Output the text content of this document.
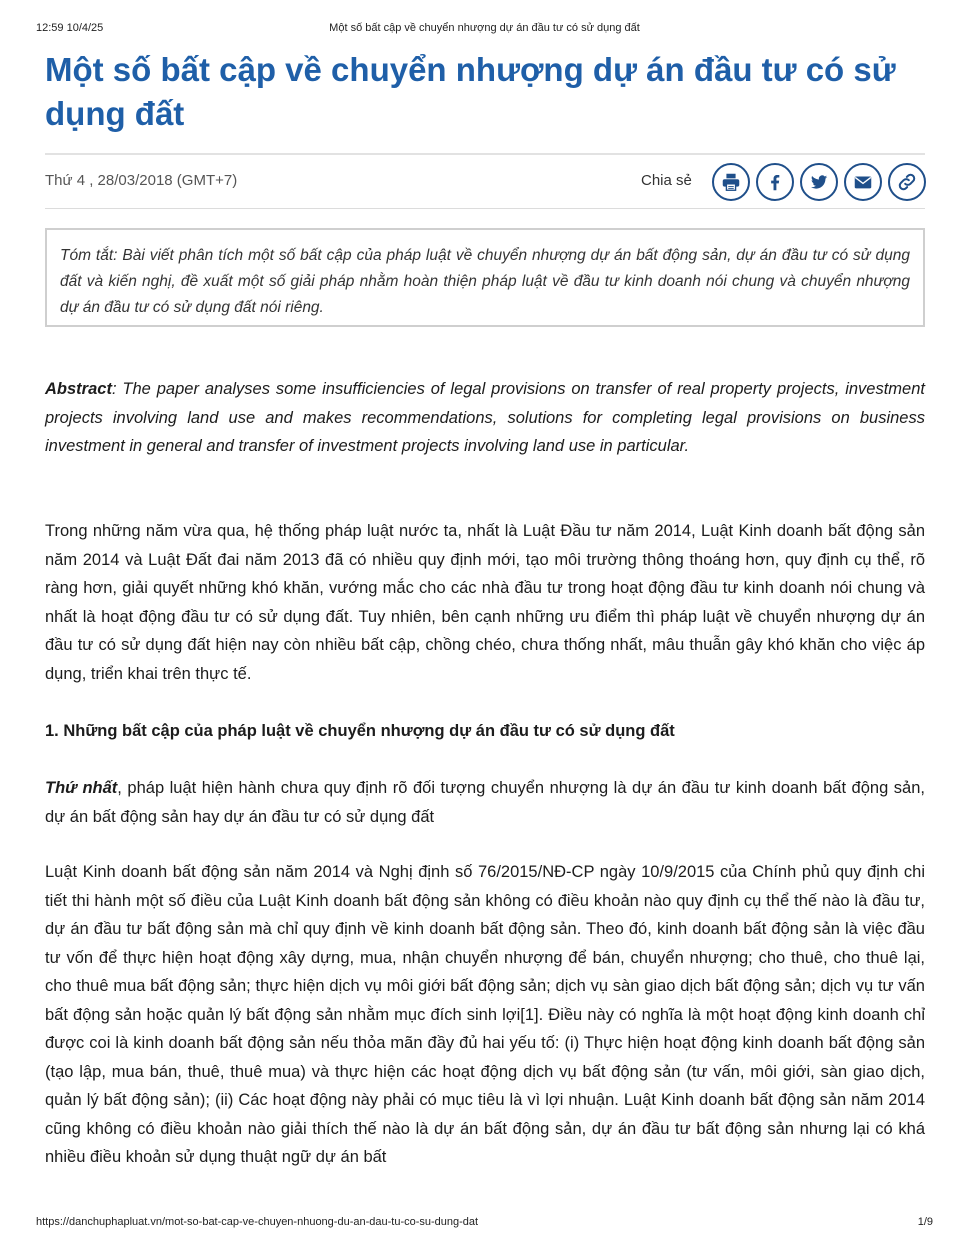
12:59 10/4/25	Một số bất cập về chuyển nhượng dự án đầu tư có sử dụng đất
Một số bất cập về chuyển nhượng dự án đầu tư có sử dụng đất
Thứ 4 , 28/03/2018 (GMT+7)	Chia sẻ
Tóm tắt: Bài viết phân tích một số bất cập của pháp luật về chuyển nhượng dự án bất động sản, dự án đầu tư có sử dụng đất và kiến nghị, đề xuất một số giải pháp nhằm hoàn thiện pháp luật về đầu tư kinh doanh nói chung và chuyển nhượng dự án đầu tư có sử dụng đất nói riêng.

Abstract: The paper analyses some insufficiencies of legal provisions on transfer of real property projects, investment projects involving land use and makes recommendations, solutions for completing legal provisions on business investment in general and transfer of investment projects involving land use in particular.

Trong những năm vừa qua, hệ thống pháp luật nước ta, nhất là Luật Đầu tư năm 2014, Luật Kinh doanh bất động sản năm 2014 và Luật Đất đai năm 2013 đã có nhiều quy định mới, tạo môi trường thông thoáng hơn, quy định cụ thể, rõ ràng hơn, giải quyết những khó khăn, vướng mắc cho các nhà đầu tư trong hoạt động đầu tư kinh doanh nói chung và nhất là hoạt động đầu tư có sử dụng đất. Tuy nhiên, bên cạnh những ưu điểm thì pháp luật về chuyển nhượng dự án đầu tư có sử dụng đất hiện nay còn nhiều bất cập, chồng chéo, chưa thống nhất, mâu thuẫn gây khó khăn cho việc áp dụng, triển khai trên thực tế.

1. Những bất cập của pháp luật về chuyển nhượng dự án đầu tư có sử dụng đất

Thứ nhất, pháp luật hiện hành chưa quy định rõ đối tượng chuyển nhượng là dự án đầu tư kinh doanh bất động sản, dự án bất động sản hay dự án đầu tư có sử dụng đất

Luật Kinh doanh bất động sản năm 2014 và Nghị định số 76/2015/NĐ-CP ngày 10/9/2015 của Chính phủ quy định chi tiết thi hành một số điều của Luật Kinh doanh bất động sản không có điều khoản nào quy định cụ thể thế nào là đầu tư, dự án đầu tư bất động sản mà chỉ quy định về kinh doanh bất động sản. Theo đó, kinh doanh bất động sản là việc đầu tư vốn để thực hiện hoạt động xây dựng, mua, nhận chuyển nhượng để bán, chuyển nhượng; cho thuê, cho thuê lại, cho thuê mua bất động sản; thực hiện dịch vụ môi giới bất động sản; dịch vụ sàn giao dịch bất động sản; dịch vụ tư vấn bất động sản hoặc quản lý bất động sản nhằm mục đích sinh lợi[1]. Điều này có nghĩa là một hoạt động kinh doanh chỉ được coi là kinh doanh bất động sản nếu thỏa mãn đầy đủ hai yếu tố: (i) Thực hiện hoạt động kinh doanh bất động sản (tạo lập, mua bán, thuê, thuê mua) và thực hiện các hoạt động dịch vụ bất động sản (tư vấn, môi giới, sàn giao dịch, quản lý bất động sản); (ii) Các hoạt động này phải có mục tiêu là vì lợi nhuận. Luật Kinh doanh bất động sản năm 2014 cũng không có điều khoản nào giải thích thế nào là dự án bất động sản, dự án đầu tư bất động sản nhưng lại có khá nhiều điều khoản sử dụng thuật ngữ dự án bất

https://danchuphapluat.vn/mot-so-bat-cap-ve-chuyen-nhuong-du-an-dau-tu-co-su-dung-dat	1/9
